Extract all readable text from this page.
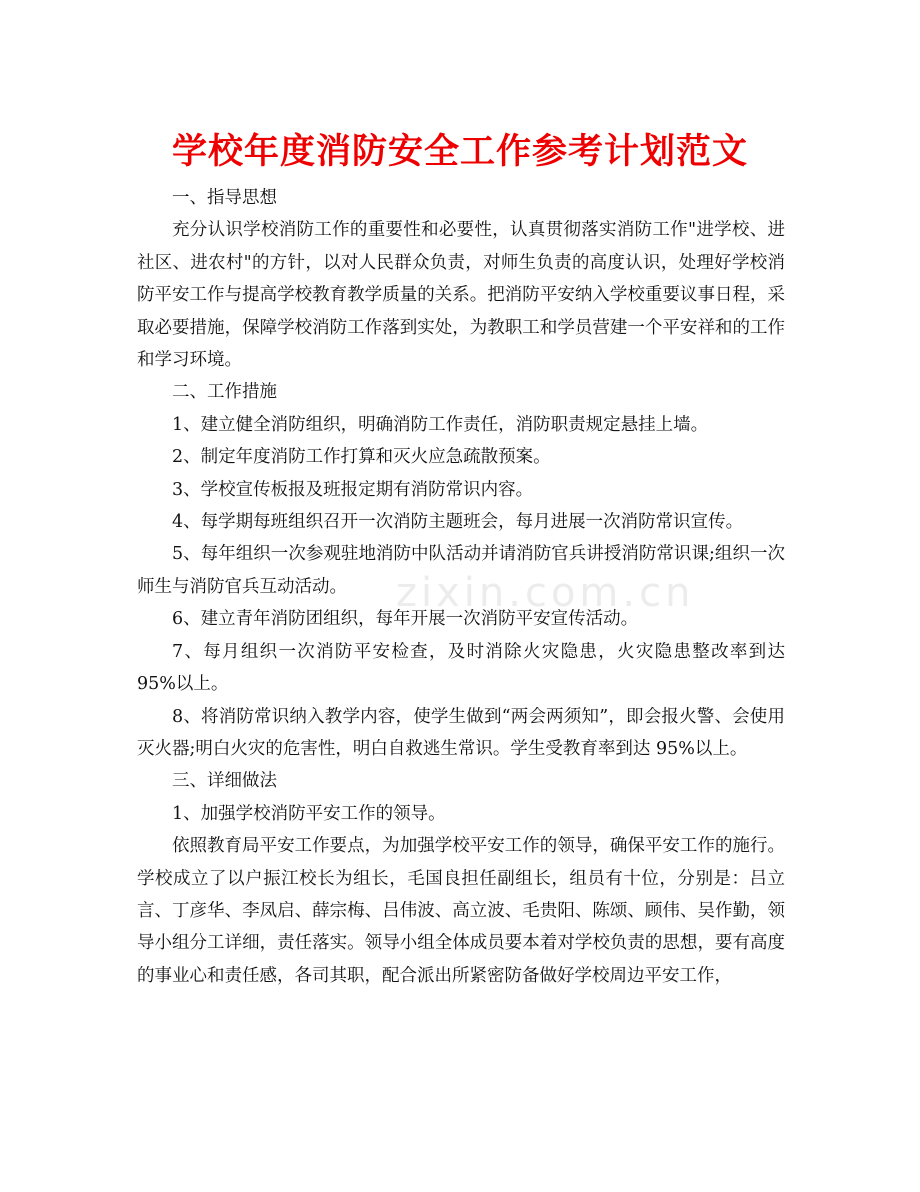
学校年度消防安全工作参考计划范文
zixin.com.cn

一、指导思想

充分认识学校消防工作的重要性和必要性，认真贯彻落实消防工作"进学校、进社区、进农村"的方针，以对人民群众负责，对师生负责的高度认识，处理好学校消防平安工作与提高学校教育教学质量的关系。把消防平安纳入学校重要议事日程，采取必要措施，保障学校消防工作落到实处，为教职工和学员营建一个平安祥和的工作和学习环境。

二、工作措施

1、建立健全消防组织，明确消防工作责任，消防职责规定悬挂上墙。

2、制定年度消防工作打算和灭火应急疏散预案。

3、学校宣传板报及班报定期有消防常识内容。

4、每学期每班组织召开一次消防主题班会，每月进展一次消防常识宣传。

5、每年组织一次参观驻地消防中队活动并请消防官兵讲授消防常识课;组织一次师生与消防官兵互动活动。

6、建立青年消防团组织，每年开展一次消防平安宣传活动。

7、每月组织一次消防平安检查，及时消除火灾隐患，火灾隐患整改率到达 95%以上。

8、将消防常识纳入教学内容，使学生做到“两会两须知”，即会报火警、会使用灭火器;明白火灾的危害性，明白自救逃生常识。学生受教育率到达 95%以上。

三、详细做法

1、加强学校消防平安工作的领导。

依照教育局平安工作要点，为加强学校平安工作的领导，确保平安工作的施行。学校成立了以户振江校长为组长，毛国良担任副组长，组员有十位，分别是：吕立言、丁彦华、李凤启、薛宗梅、吕伟波、高立波、毛贵阳、陈颂、顾伟、吴作勤，领导小组分工详细，责任落实。领导小组全体成员要本着对学校负责的思想，要有高度的事业心和责任感，各司其职，配合派出所紧密防备做好学校周边平安工作，
